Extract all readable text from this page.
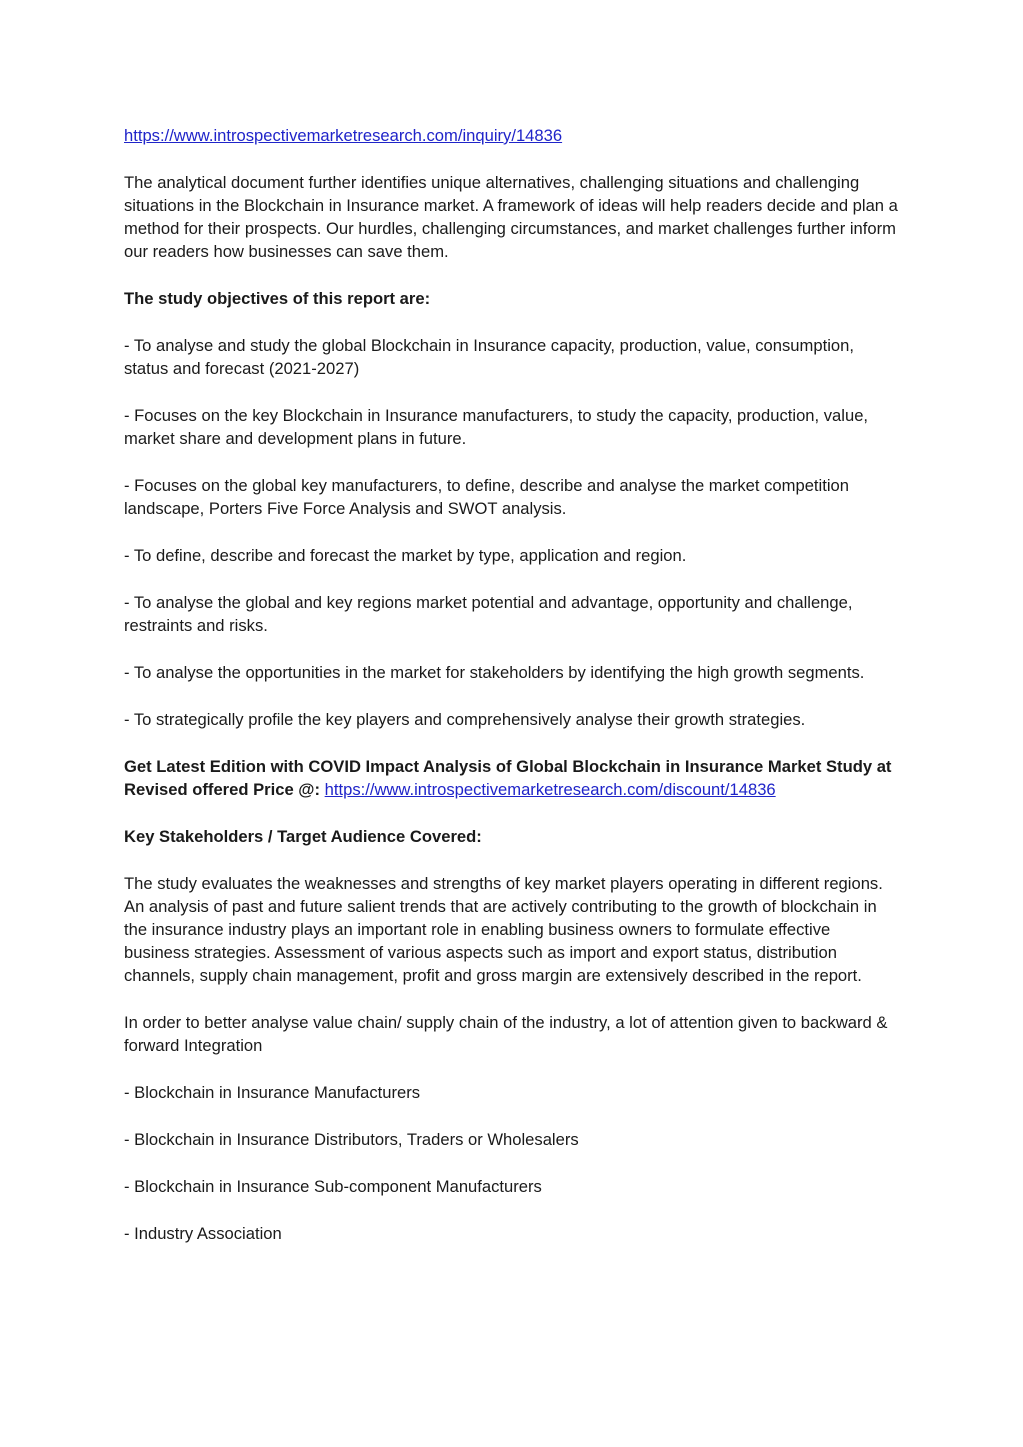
https://www.introspectivemarketresearch.com/inquiry/14836

The analytical document further identifies unique alternatives, challenging situations and challenging situations in the Blockchain in Insurance market. A framework of ideas will help readers decide and plan a method for their prospects. Our hurdles, challenging circumstances, and market challenges further inform our readers how businesses can save them.

The study objectives of this report are:

- To analyse and study the global Blockchain in Insurance capacity, production, value, consumption, status and forecast (2021-2027)

- Focuses on the key Blockchain in Insurance manufacturers, to study the capacity, production, value, market share and development plans in future.

- Focuses on the global key manufacturers, to define, describe and analyse the market competition landscape, Porters Five Force Analysis and SWOT analysis.

- To define, describe and forecast the market by type, application and region.

- To analyse the global and key regions market potential and advantage, opportunity and challenge, restraints and risks.

- To analyse the opportunities in the market for stakeholders by identifying the high growth segments.

- To strategically profile the key players and comprehensively analyse their growth strategies.

Get Latest Edition with COVID Impact Analysis of Global Blockchain in Insurance Market Study at Revised offered Price @: https://www.introspectivemarketresearch.com/discount/14836

Key Stakeholders / Target Audience Covered:

The study evaluates the weaknesses and strengths of key market players operating in different regions. An analysis of past and future salient trends that are actively contributing to the growth of blockchain in the insurance industry plays an important role in enabling business owners to formulate effective business strategies. Assessment of various aspects such as import and export status, distribution channels, supply chain management, profit and gross margin are extensively described in the report.

In order to better analyse value chain/ supply chain of the industry, a lot of attention given to backward & forward Integration

- Blockchain in Insurance Manufacturers

- Blockchain in Insurance Distributors, Traders or Wholesalers

- Blockchain in Insurance Sub-component Manufacturers

- Industry Association
